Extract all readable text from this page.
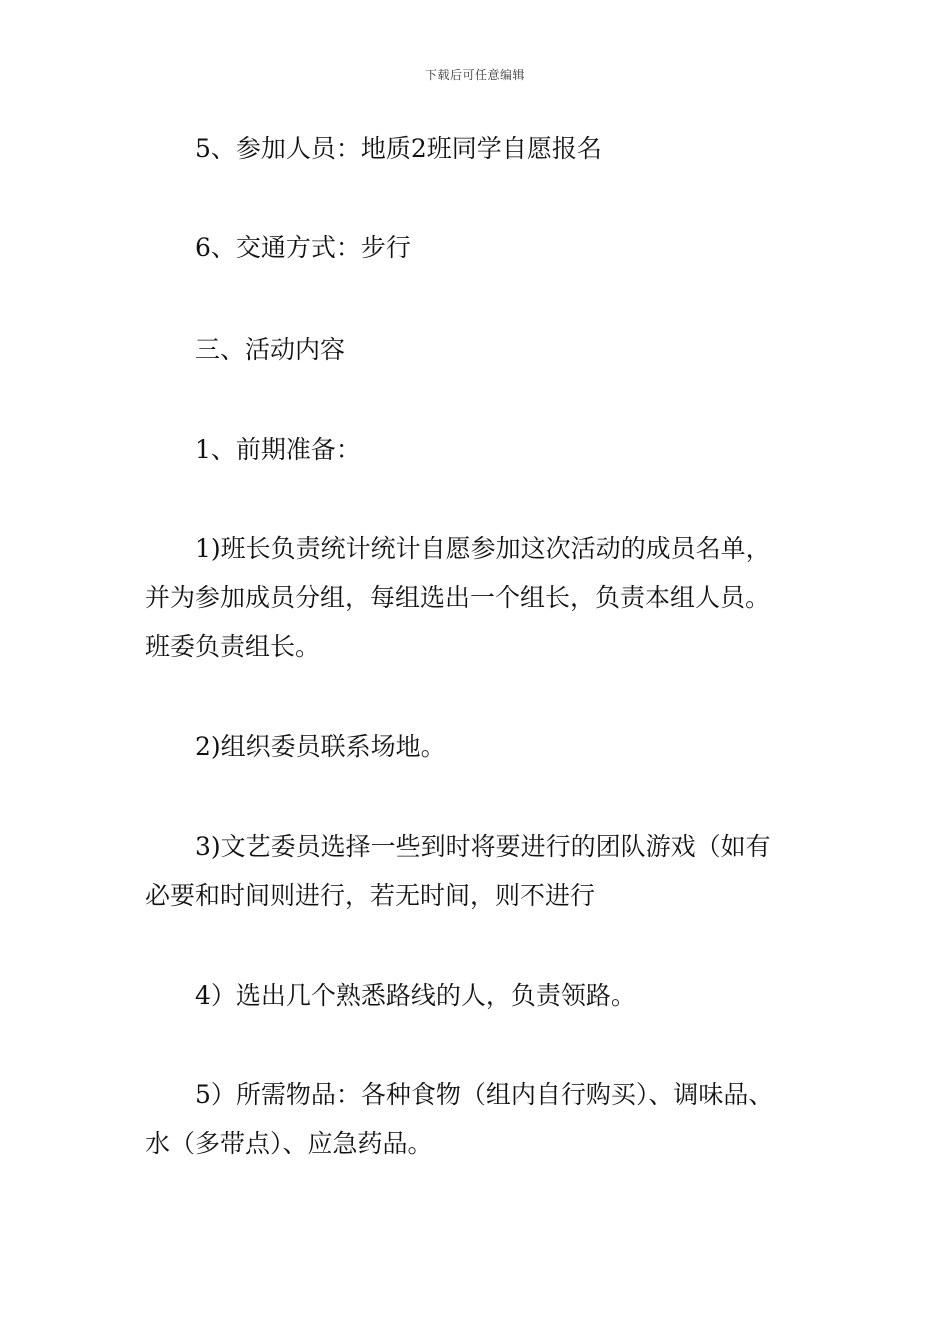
下载后可任意编辑

5、参加人员：地质2班同学自愿报名

6、交通方式：步行

三、活动内容

1、前期准备：

1)班长负责统计统计自愿参加这次活动的成员名单，
并为参加成员分组，每组选出一个组长，负责本组人员。
班委负责组长。

2)组织委员联系场地。

3)文艺委员选择一些到时将要进行的团队游戏（如有
必要和时间则进行，若无时间，则不进行

4）选出几个熟悉路线的人，负责领路。

5）所需物品：各种食物（组内自行购买）、调味品、
水（多带点）、应急药品。
